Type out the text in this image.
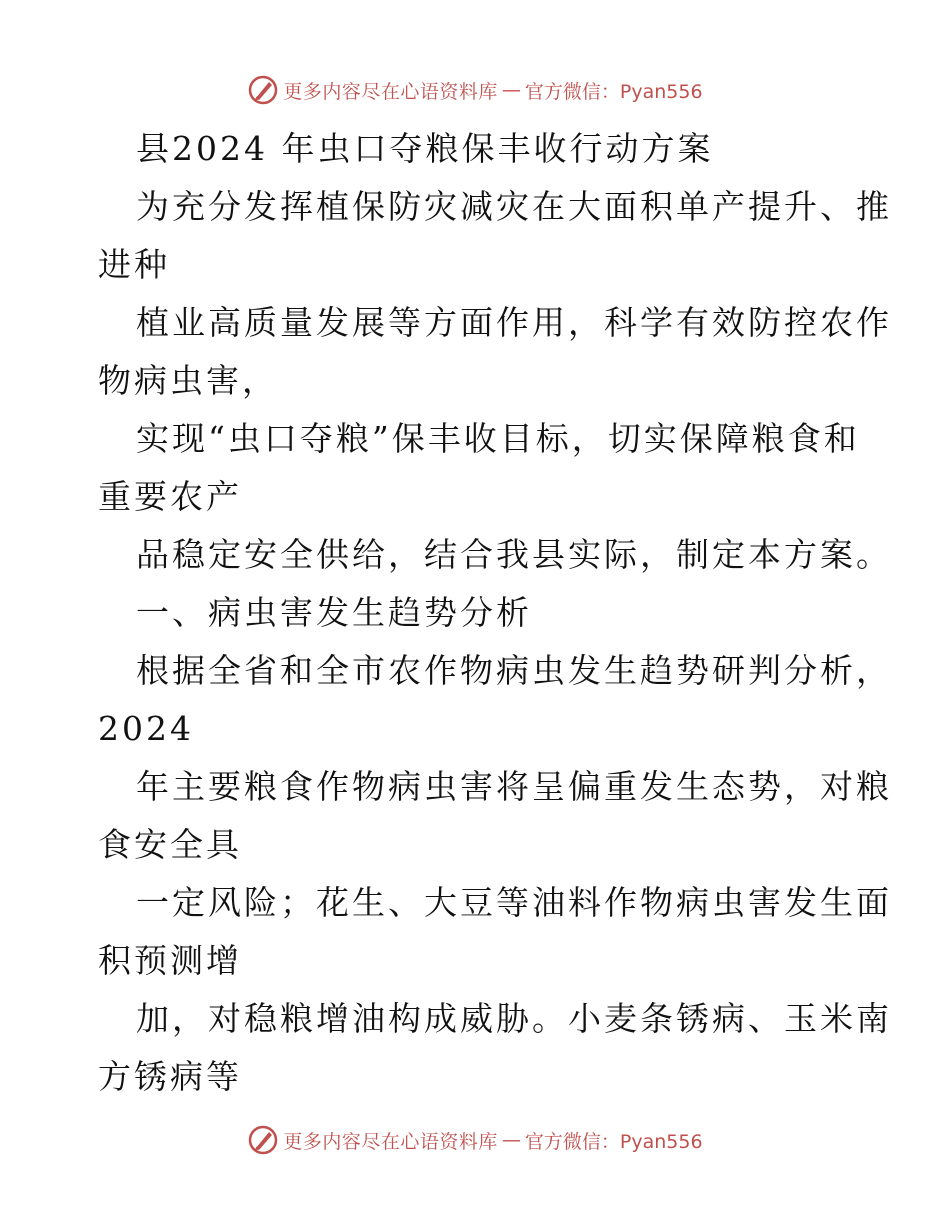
更多内容尽在心语资料库 — 官方微信：Pyan556
县2024 年虫口夺粮保丰收行动方案
为充分发挥植保防灾减灾在大面积单产提升、推
进种
植业高质量发展等方面作用，科学有效防控农作
物病虫害，
实现“虫口夺粮”保丰收目标，切实保障粮食和
重要农产
品稳定安全供给，结合我县实际，制定本方案。
一、病虫害发生趋势分析
根据全省和全市农作物病虫发生趋势研判分析，
2024
年主要粮食作物病虫害将呈偏重发生态势，对粮
食安全具
一定风险；花生、大豆等油料作物病虫害发生面
积预测增
加，对稳粮增油构成威胁。小麦条锈病、玉米南
方锈病等
更多内容尽在心语资料库 — 官方微信：Pyan556
